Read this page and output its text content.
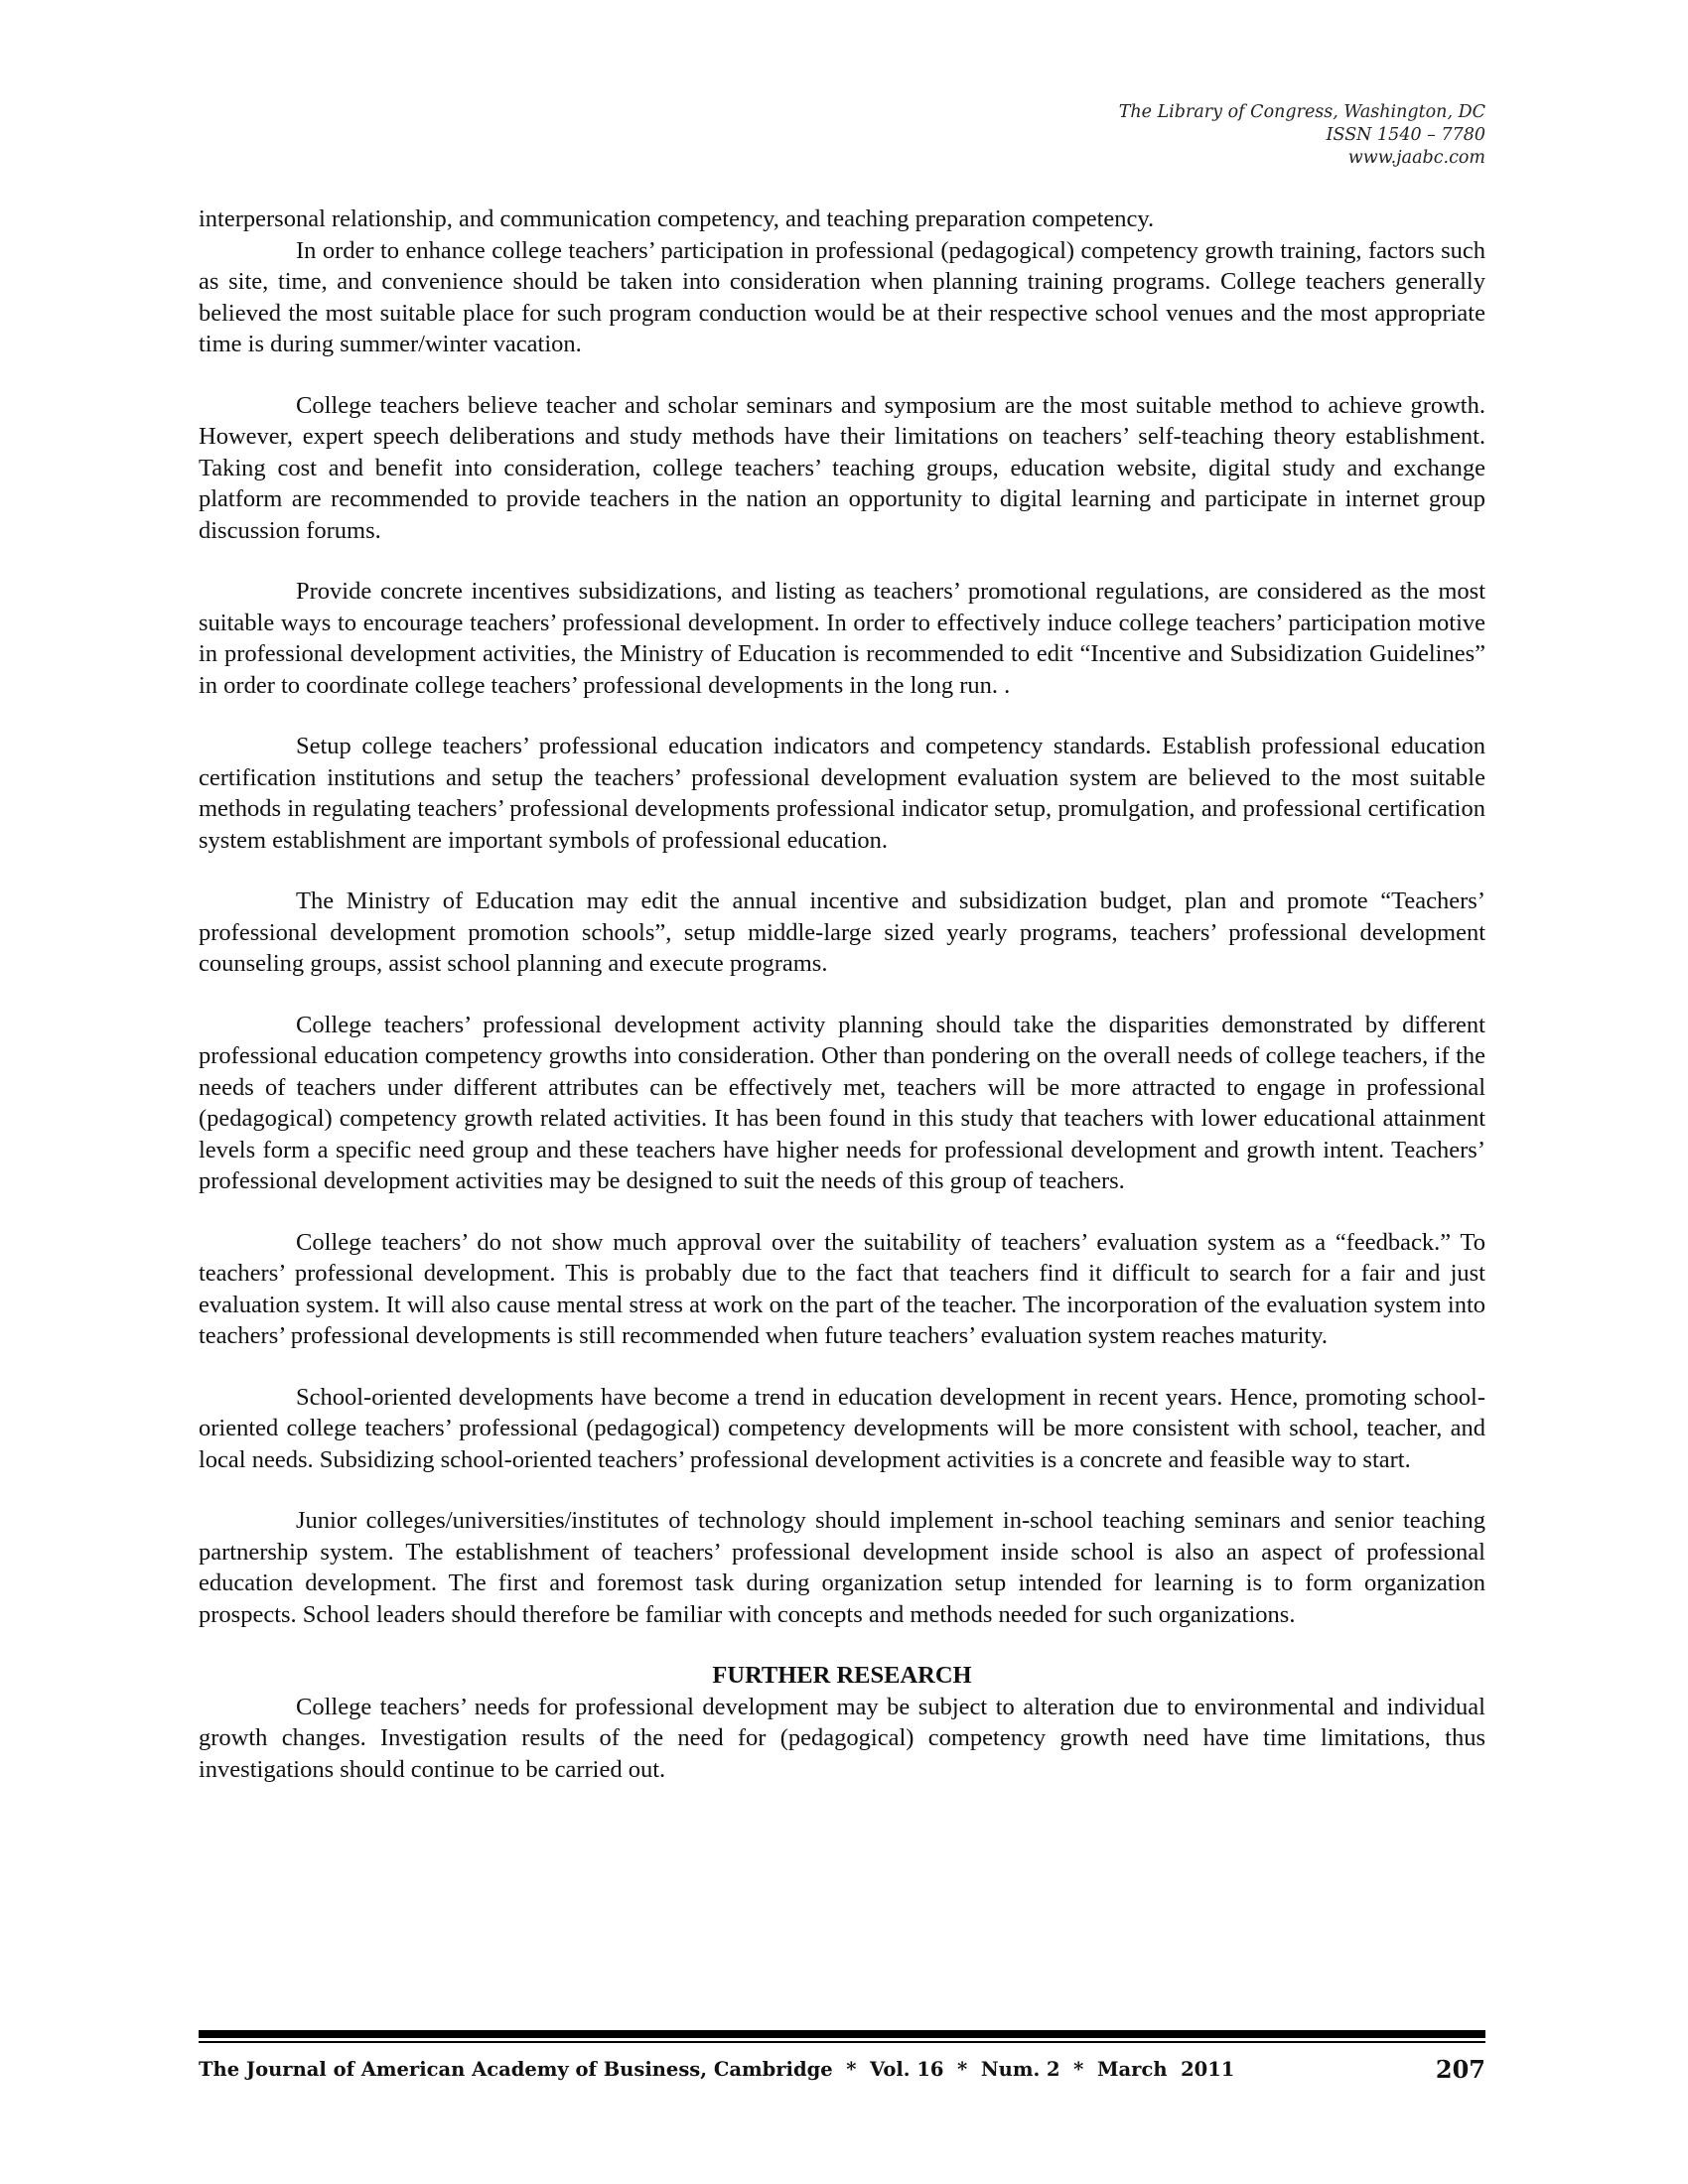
The Library of Congress, Washington, DC
ISSN 1540 – 7780
www.jaabc.com

interpersonal relationship, and communication competency, and teaching preparation competency.

In order to enhance college teachers’ participation in professional (pedagogical) competency growth training, factors such as site, time, and convenience should be taken into consideration when planning training programs. College teachers generally believed the most suitable place for such program conduction would be at their respective school venues and the most appropriate time is during summer/winter vacation.

College teachers believe teacher and scholar seminars and symposium are the most suitable method to achieve growth. However, expert speech deliberations and study methods have their limitations on teachers’ self-teaching theory establishment. Taking cost and benefit into consideration, college teachers’ teaching groups, education website, digital study and exchange platform are recommended to provide teachers in the nation an opportunity to digital learning and participate in internet group discussion forums.

Provide concrete incentives subsidizations, and listing as teachers’ promotional regulations, are considered as the most suitable ways to encourage teachers’ professional development. In order to effectively induce college teachers’ participation motive in professional development activities, the Ministry of Education is recommended to edit “Incentive and Subsidization Guidelines” in order to coordinate college teachers’ professional developments in the long run. .

Setup college teachers’ professional education indicators and competency standards. Establish professional education certification institutions and setup the teachers’ professional development evaluation system are believed to the most suitable methods in regulating teachers’ professional developments professional indicator setup, promulgation, and professional certification system establishment are important symbols of professional education.

The Ministry of Education may edit the annual incentive and subsidization budget, plan and promote “Teachers’ professional development promotion schools”, setup middle-large sized yearly programs, teachers’ professional development counseling groups, assist school planning and execute programs.

College teachers’ professional development activity planning should take the disparities demonstrated by different professional education competency growths into consideration. Other than pondering on the overall needs of college teachers, if the needs of teachers under different attributes can be effectively met, teachers will be more attracted to engage in professional (pedagogical) competency growth related activities. It has been found in this study that teachers with lower educational attainment levels form a specific need group and these teachers have higher needs for professional development and growth intent. Teachers’ professional development activities may be designed to suit the needs of this group of teachers.

College teachers’ do not show much approval over the suitability of teachers’ evaluation system as a “feedback.” To teachers’ professional development. This is probably due to the fact that teachers find it difficult to search for a fair and just evaluation system. It will also cause mental stress at work on the part of the teacher. The incorporation of the evaluation system into teachers’ professional developments is still recommended when future teachers’ evaluation system reaches maturity.

School-oriented developments have become a trend in education development in recent years. Hence, promoting school-oriented college teachers’ professional (pedagogical) competency developments will be more consistent with school, teacher, and local needs. Subsidizing school-oriented teachers’ professional development activities is a concrete and feasible way to start.

Junior colleges/universities/institutes of technology should implement in-school teaching seminars and senior teaching partnership system. The establishment of teachers’ professional development inside school is also an aspect of professional education development. The first and foremost task during organization setup intended for learning is to form organization prospects. School leaders should therefore be familiar with concepts and methods needed for such organizations.

FURTHER RESEARCH

College teachers’ needs for professional development may be subject to alteration due to environmental and individual growth changes. Investigation results of the need for (pedagogical) competency growth need have time limitations, thus investigations should continue to be carried out.

The Journal of American Academy of Business, Cambridge  *  Vol. 16  *  Num. 2  *  March  2011	207
